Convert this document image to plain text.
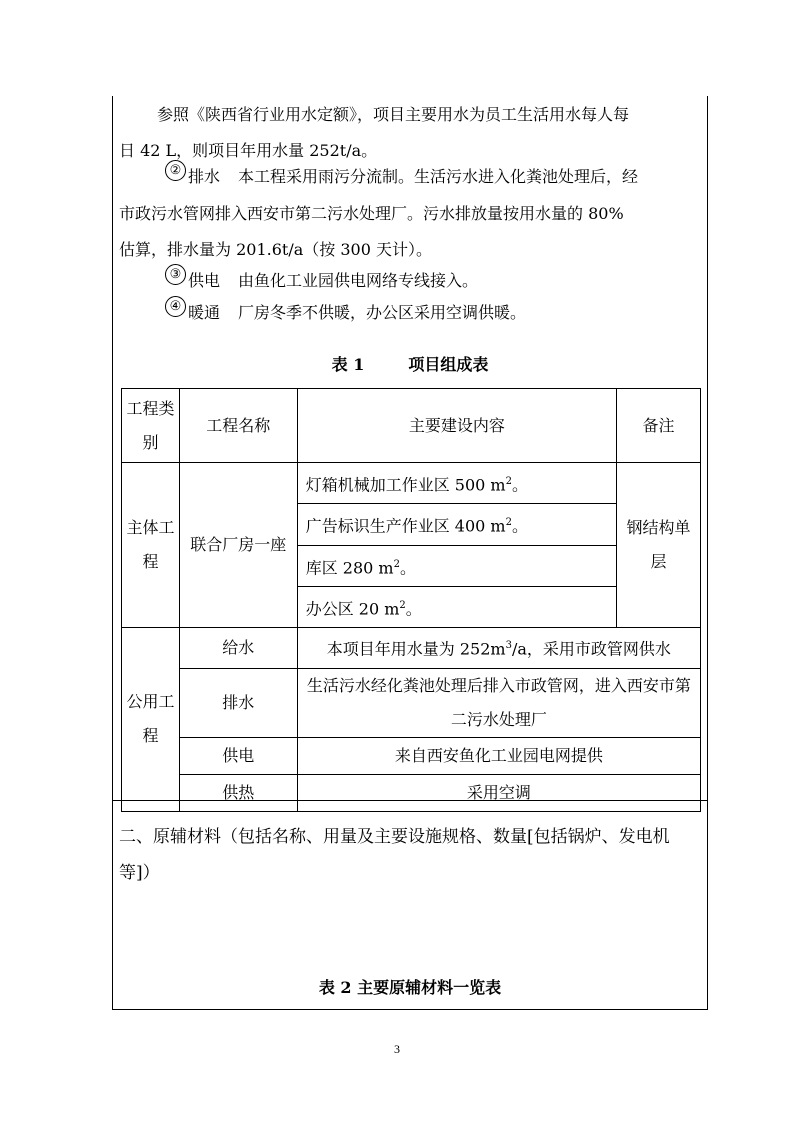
参照《陕西省行业用水定额》，项目主要用水为员工生活用水每人每
日 42 L，则项目年用水量 252t/a。
② 排水 本工程采用雨污分流制。生活污水进入化粪池处理后，经
市政污水管网排入西安市第二污水处理厂。污水排放量按用水量的 80%
估算，排水量为 201.6t/a（按 300 天计）。
③ 供电 由鱼化工业园供电网络专线接入。
④ 暖通 厂房冬季不供暖，办公区采用空调供暖。
表 1	项目组成表
工程类别	工程名称	主要建设内容	备注
主体工程	联合厂房一座	灯箱机械加工作业区 500 $m^2$。	钢结构单层
		广告标识生产作业区 400 $m^2$。	
		库区 280 $m^2$。	
		办公区 20 $m^2$。	
公用工程	给水	本项目年用水量为 $252m^3/a$，采用市政管网供水	
	排水	生活污水经化粪池处理后排入市政管网，进入西安市第二污水处理厂	
	供电	来自西安鱼化工业园电网提供	
	供热	采用空调	
二、原辅材料（包括名称、用量及主要设施规格、数量[包括锅炉、发电机等]）
表 2 主要原辅材料一览表
3
